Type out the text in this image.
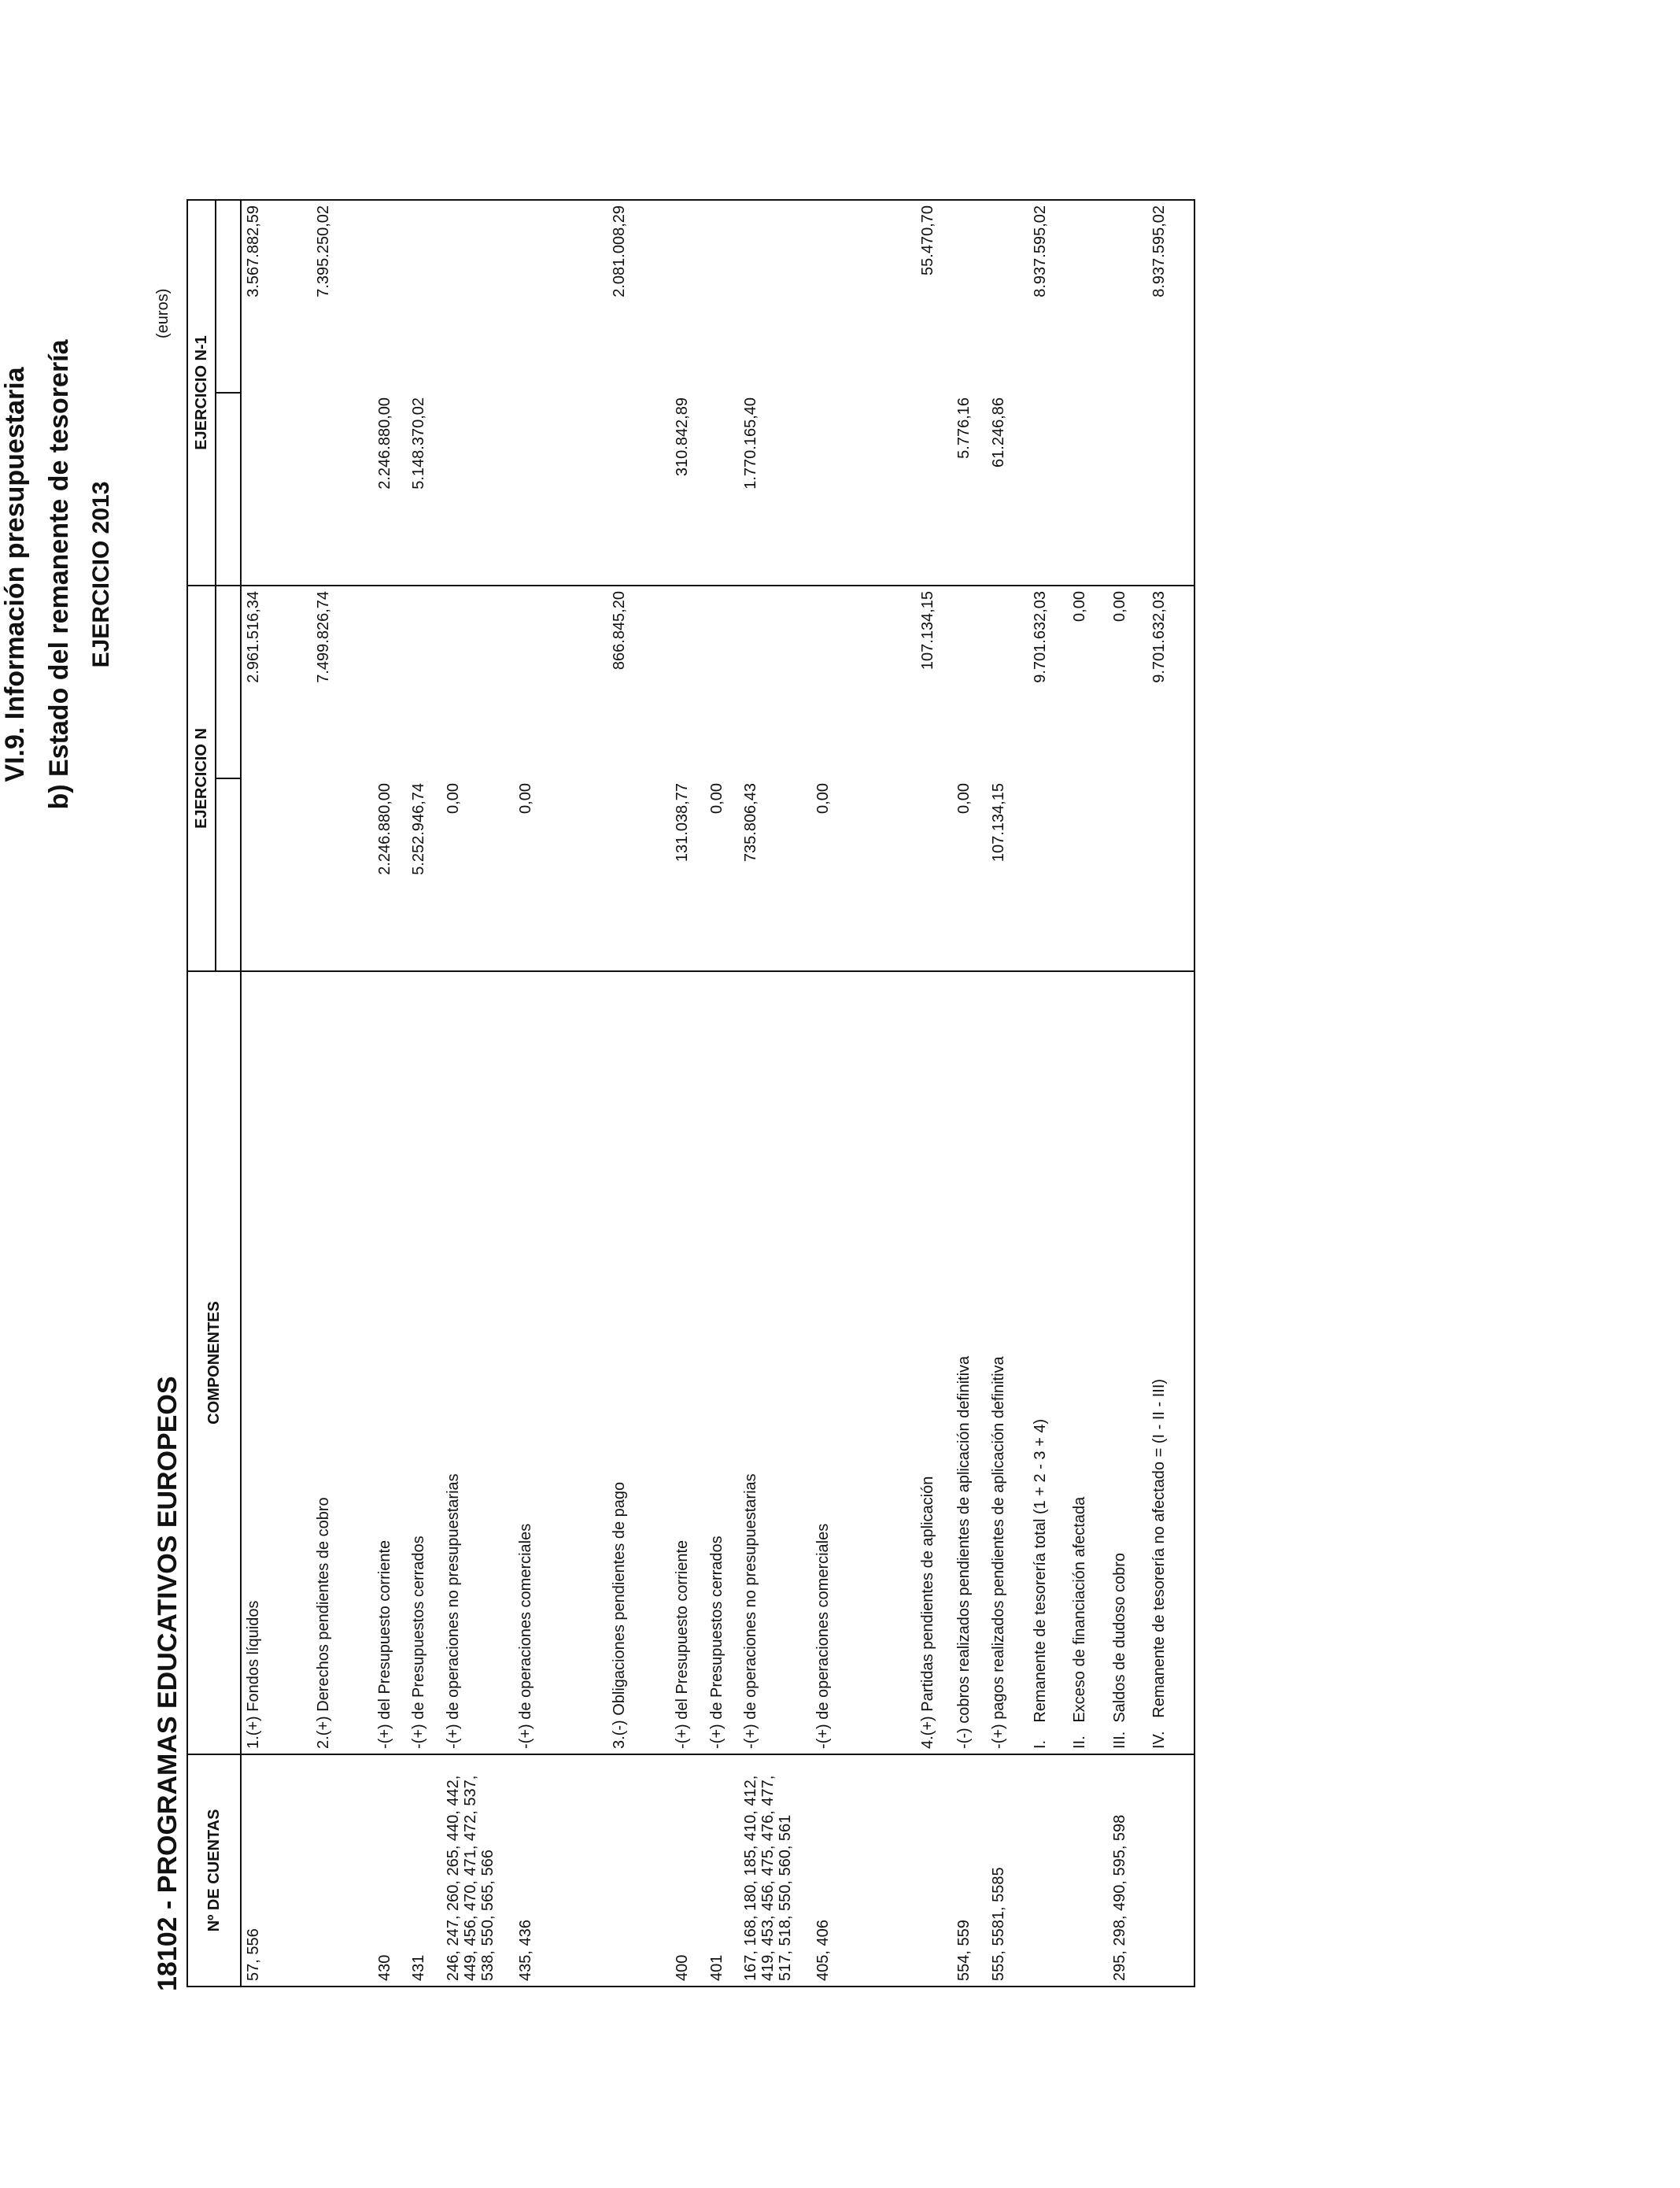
VI.9. Información presupuestaria b) Estado del remanente de tesorería EJERCICIO 2013
18102 - PROGRAMAS EDUCATIVOS EUROPEOS
(euros)
Nº DE CUENTAS	COMPONENTES	EJERCICIO N		EJERCICIO N-1	

57, 556	1.(+) Fondos líquidos		2.961.516,34		3.567.882,59
	2.(+) Derechos pendientes de cobro		7.499.826,74		7.395.250,02
430	-(+) del Presupuesto corriente	2.246.880,00		2.246.880,00	
431	-(+) de Presupuestos cerrados	5.252.946,74		5.148.370,02	
246, 247, 260, 265, 440, 442, 449, 456, 470, 471, 472, 537, 538, 550, 565, 566	-(+) de operaciones no presupuestarias	0,00			
435, 436	-(+) de operaciones comerciales	0,00			
	3.(-) Obligaciones pendientes de pago		866.845,20		2.081.008,29
400	-(+) del Presupuesto corriente	131.038,77		310.842,89	
401	-(+) de Presupuestos cerrados	0,00			
167, 168, 180, 185, 410, 412, 419, 453, 456, 475, 476, 477, 517, 518, 550, 560, 561	-(+) de operaciones no presupuestarias	735.806,43		1.770.165,40	
405, 406	-(+) de operaciones comerciales	0,00			
	4.(+) Partidas pendientes de aplicación		107.134,15		55.470,70
554, 559	-(-) cobros realizados pendientes de aplicación definitiva	0,00		5.776,16	
555, 5581, 5585	-(+) pagos realizados pendientes de aplicación definitiva	107.134,15		61.246,86	
	I.    Remanente de tesorería total (1 + 2 - 3 + 4)		9.701.632,03		8.937.595,02
	II.   Exceso de financiación afectada		0,00		
295, 298, 490, 595, 598	III.  Saldos de dudoso cobro		0,00		
	IV.   Remanente de tesorería no afectado = (I - II - III)		9.701.632,03		8.937.595,02
